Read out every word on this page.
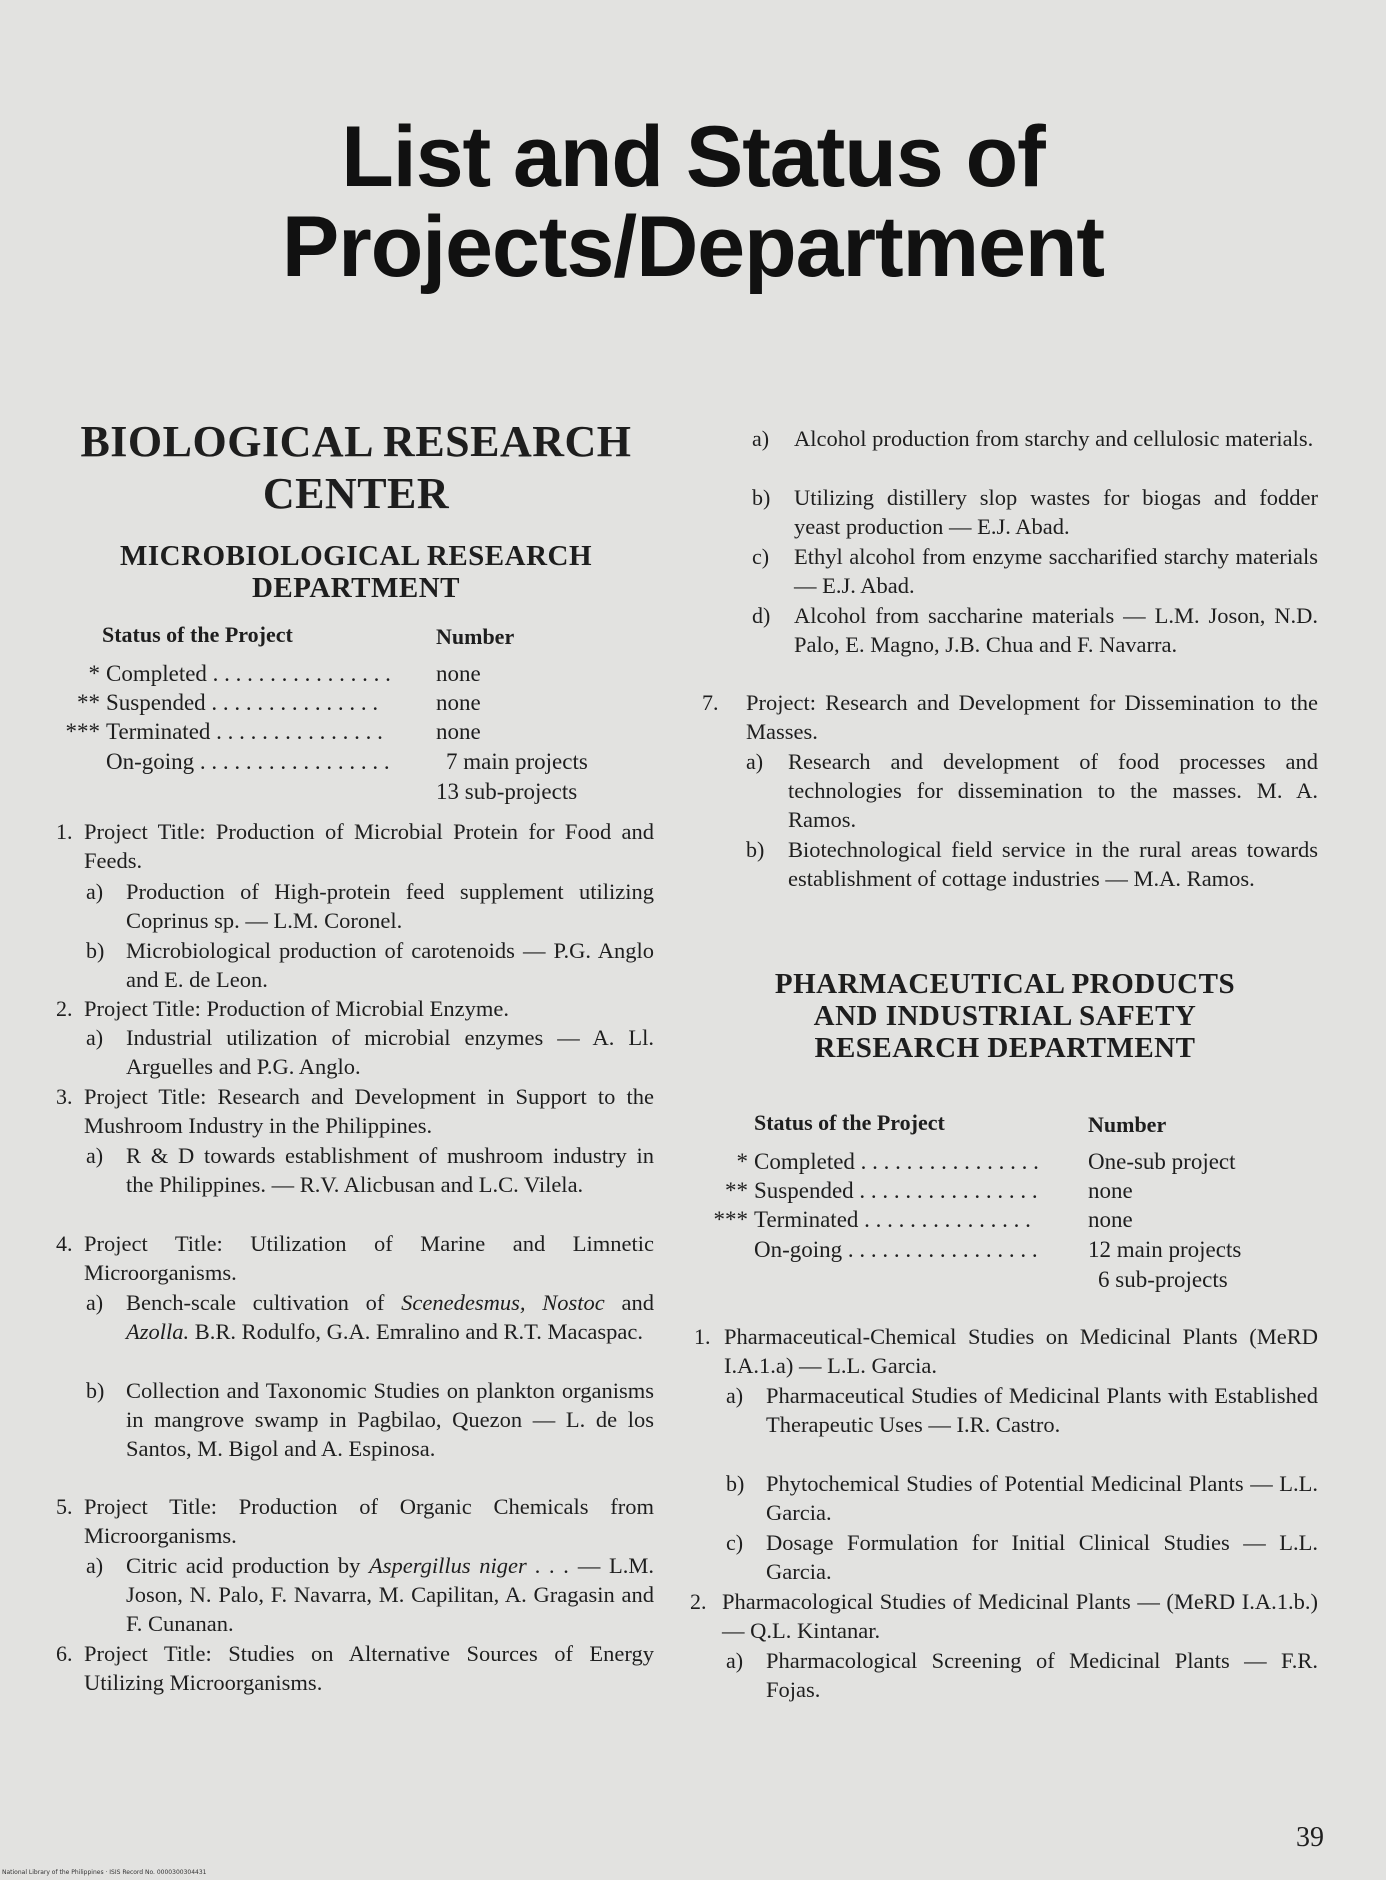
List and Status of
Projects/Department
BIOLOGICAL RESEARCH
CENTER
MICROBIOLOGICAL RESEARCH
DEPARTMENT
Status of the Project	Number
* Completed . . . . . . . . . . . . . . . . none
** Suspended . . . . . . . . . . . . . . .	none
*** Terminated . . . . . . . . . . . . . . . none
On-going . . . . . . . . . . . . . . . . . 7 main projects
13 sub-projects
1. Project Title: Production of Microbial Protein for Food and Feeds.
a) Production of High-protein feed supplement utilizing Coprinus sp. — L.M. Coronel.
b) Microbiological production of carotenoids — P.G. Anglo and E. de Leon.
2. Project Title: Production of Microbial Enzyme.
a) Industrial utilization of microbial enzymes — A. Ll. Arguelles and P.G. Anglo.
3. Project Title: Research and Development in Support to the Mushroom Industry in the Philippines.
a) R & D towards establishment of mushroom industry in the Philippines. — R.V. Alicbusan and L.C. Vilela.
4. Project Title: Utilization of Marine and Limnetic Microorganisms.
a) Bench-scale cultivation of Scenedesmus, Nostoc and Azolla. B.R. Rodulfo, G.A. Emralino and R.T. Macaspac.
b) Collection and Taxonomic Studies on plankton organisms in mangrove swamp in Pagbilao, Quezon — L. de los Santos, M. Bigol and A. Espinosa.
5. Project Title: Production of Organic Chemicals from Microorganisms.
a) Citric acid production by Aspergillus niger . . . — L.M. Joson, N. Palo, F. Navarra, M. Capilitan, A. Gragasin and F. Cunanan.
6. Project Title: Studies on Alternative Sources of Energy Utilizing Microorganisms.
a) Alcohol production from starchy and cellulosic materials.
b) Utilizing distillery slop wastes for biogas and fodder yeast production — E.J. Abad.
c) Ethyl alcohol from enzyme saccharified starchy materials — E.J. Abad.
d) Alcohol from saccharine materials — L.M. Joson, N.D. Palo, E. Magno, J.B. Chua and F. Navarra.
7. Project: Research and Development for Dissemination to the Masses.
a) Research and development of food processes and technologies for dissemination to the masses. M. A. Ramos.
b) Biotechnological field service in the rural areas towards establishment of cottage industries — M.A. Ramos.
PHARMACEUTICAL PRODUCTS
AND INDUSTRIAL SAFETY
RESEARCH DEPARTMENT
Status of the Project	Number
* Completed . . . . . . . . . . . . . . . . One-sub project
** Suspended . . . . . . . . . . . . . . . . none
*** Terminated . . . . . . . . . . . . . . . none
On-going . . . . . . . . . . . . . . . . . 12 main projects
6 sub-projects
1. Pharmaceutical-Chemical Studies on Medicinal Plants (MeRD I.A.1.a) — L.L. Garcia.
a) Pharmaceutical Studies of Medicinal Plants with Established Therapeutic Uses — I.R. Castro.
b) Phytochemical Studies of Potential Medicinal Plants — L.L. Garcia.
c) Dosage Formulation for Initial Clinical Studies — L.L. Garcia.
2. Pharmacological Studies of Medicinal Plants — (MeRD I.A.1.b.) — Q.L. Kintanar.
a) Pharmacological Screening of Medicinal Plants — F.R. Fojas.
39
National Library of the Philippines · ISIS Record No. 0000300304431
